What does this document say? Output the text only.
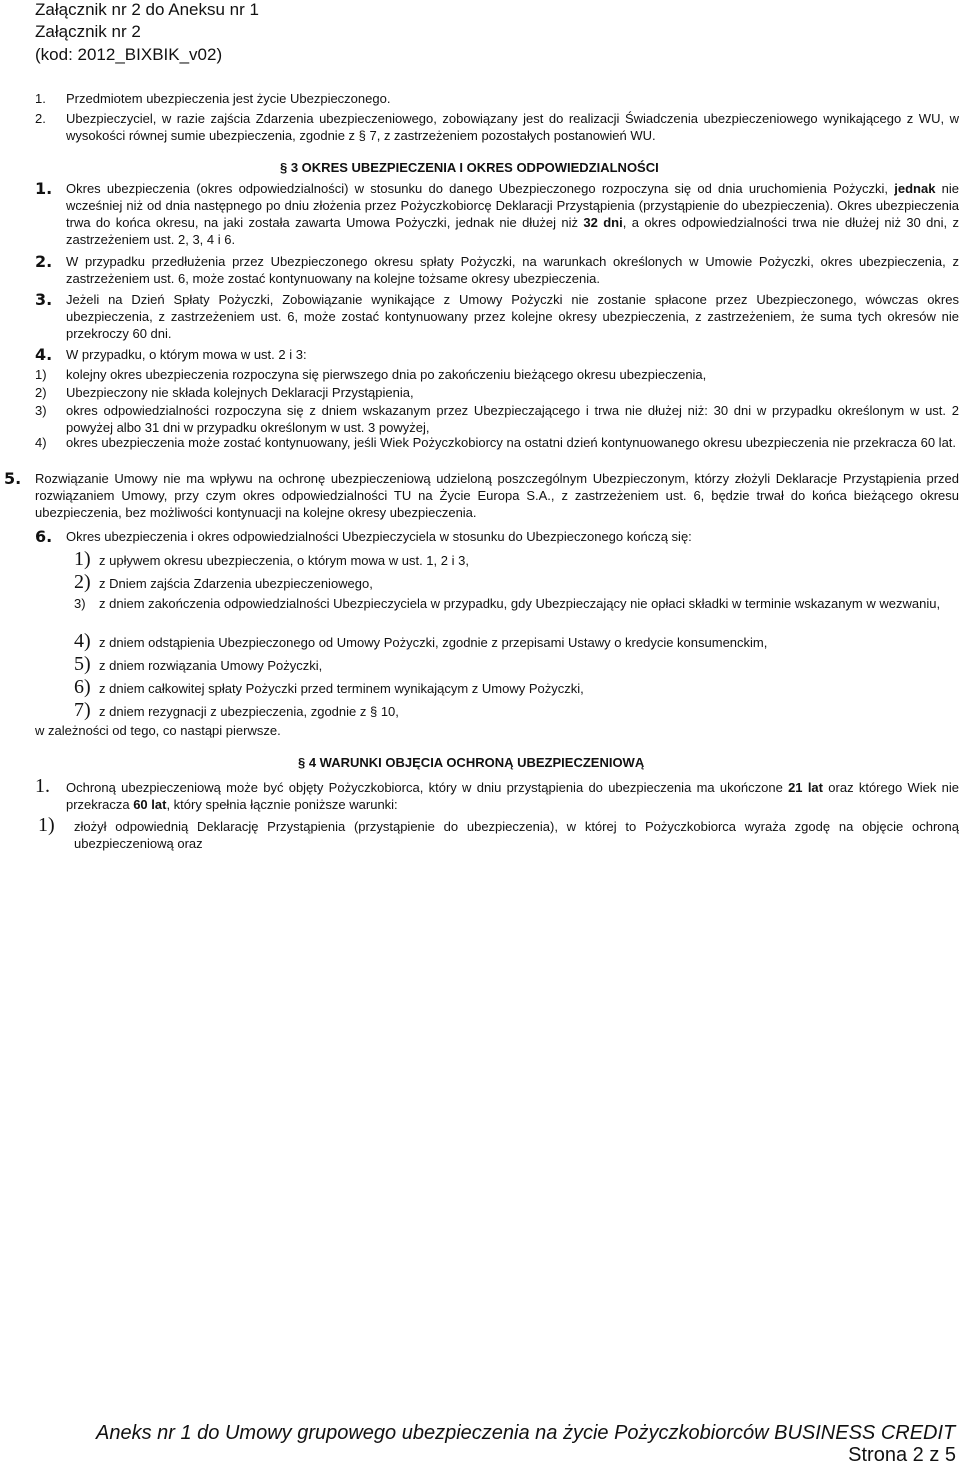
Załącznik nr 2 do Aneksu nr 1
Załącznik nr 2
(kod: 2012_BIXBIK_v02)
1. Przedmiotem ubezpieczenia jest życie Ubezpieczonego.
2. Ubezpieczyciel, w razie zajścia Zdarzenia ubezpieczeniowego, zobowiązany jest do realizacji Świadczenia ubezpieczeniowego wynikającego z WU, w wysokości równej sumie ubezpieczenia, zgodnie z § 7, z zastrzeżeniem pozostałych postanowień WU.
§ 3 OKRES UBEZPIECZENIA I OKRES ODPOWIEDZIALNOŚCI
1. Okres ubezpieczenia (okres odpowiedzialności) w stosunku do danego Ubezpieczonego rozpoczyna się od dnia uruchomienia Pożyczki, jednak nie wcześniej niż od dnia następnego po dniu złożenia przez Pożyczkobiorcę Deklaracji Przystąpienia (przystąpienie do ubezpieczenia). Okres ubezpieczenia trwa do końca okresu, na jaki została zawarta Umowa Pożyczki, jednak nie dłużej niż 32 dni, a okres odpowiedzialności trwa nie dłużej niż 30 dni, z zastrzeżeniem ust. 2, 3, 4 i 6.
2. W przypadku przedłużenia przez Ubezpieczonego okresu spłaty Pożyczki, na warunkach określonych w Umowie Pożyczki, okres ubezpieczenia, z zastrzeżeniem ust. 6, może zostać kontynuowany na kolejne tożsame okresy ubezpieczenia.
3. Jeżeli na Dzień Spłaty Pożyczki, Zobowiązanie wynikające z Umowy Pożyczki nie zostanie spłacone przez Ubezpieczonego, wówczas okres ubezpieczenia, z zastrzeżeniem ust. 6, może zostać kontynuowany przez kolejne okresy ubezpieczenia, z zastrzeżeniem, że suma tych okresów nie przekroczy 60 dni.
4. W przypadku, o którym mowa w ust. 2 i 3:
1) kolejny okres ubezpieczenia rozpoczyna się pierwszego dnia po zakończeniu bieżącego okresu ubezpieczenia,
2) Ubezpieczony nie składa kolejnych Deklaracji Przystąpienia,
3) okres odpowiedzialności rozpoczyna się z dniem wskazanym przez Ubezpieczającego i trwa nie dłużej niż: 30 dni w przypadku określonym w ust. 2 powyżej albo 31 dni w przypadku określonym w ust. 3 powyżej,
4) okres ubezpieczenia może zostać kontynuowany, jeśli Wiek Pożyczkobiorcy na ostatni dzień kontynuowanego okresu ubezpieczenia nie przekracza 60 lat.
5. Rozwiązanie Umowy nie ma wpływu na ochronę ubezpieczeniową udzieloną poszczególnym Ubezpieczonym, którzy złożyli Deklaracje Przystąpienia przed rozwiązaniem Umowy, przy czym okres odpowiedzialności TU na Życie Europa S.A., z zastrzeżeniem ust. 6, będzie trwał do końca bieżącego okresu ubezpieczenia, bez możliwości kontynuacji na kolejne okresy ubezpieczenia.
6. Okres ubezpieczenia i okres odpowiedzialności Ubezpieczyciela w stosunku do Ubezpieczonego kończą się:
1) z upływem okresu ubezpieczenia, o którym mowa w ust. 1, 2 i 3,
2) z Dniem zajścia Zdarzenia ubezpieczeniowego,
3) z dniem zakończenia odpowiedzialności Ubezpieczyciela w przypadku, gdy Ubezpieczający nie opłaci składki w terminie wskazanym w wezwaniu,
4) z dniem odstąpienia Ubezpieczonego od Umowy Pożyczki, zgodnie z przepisami Ustawy o kredycie konsumenckim,
5) z dniem rozwiązania Umowy Pożyczki,
6) z dniem całkowitej spłaty Pożyczki przed terminem wynikającym z Umowy Pożyczki,
7) z dniem rezygnacji z ubezpieczenia, zgodnie z § 10,
w zależności od tego, co nastąpi pierwsze.
§ 4 WARUNKI OBJĘCIA OCHRONĄ UBEZPIECZENIOWĄ
1. Ochroną ubezpieczeniową może być objęty Pożyczkobiorca, który w dniu przystąpienia do ubezpieczenia ma ukończone 21 lat oraz którego Wiek nie przekracza 60 lat, który spełnia łącznie poniższe warunki:
1) złożył odpowiednią Deklarację Przystąpienia (przystąpienie do ubezpieczenia), w której to Pożyczkobiorca wyraża zgodę na objęcie ochroną ubezpieczeniową oraz
Aneks nr 1 do Umowy grupowego ubezpieczenia na życie Pożyczkobiorców BUSINESS CREDIT
Strona 2 z 5
